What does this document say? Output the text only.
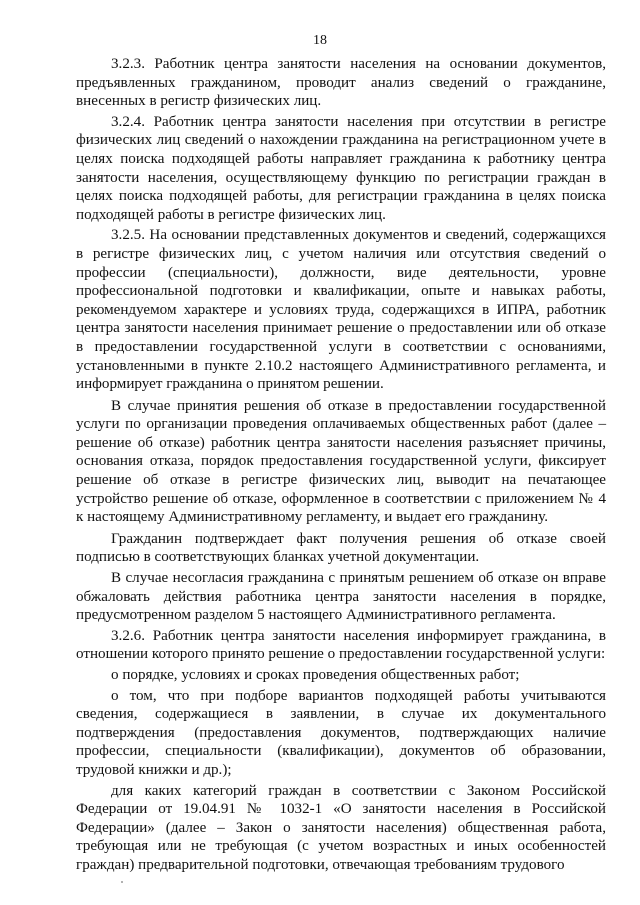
18

3.2.3. Работник центра занятости населения на основании документов, предъявленных гражданином, проводит анализ сведений о гражданине, внесенных в регистр физических лиц.

3.2.4. Работник центра занятости населения при отсутствии в регистре физических лиц сведений о нахождении гражданина на регистрационном учете в целях поиска подходящей работы направляет гражданина к работнику центра занятости населения, осуществляющему функцию по регистрации граждан в целях поиска подходящей работы, для регистрации гражданина в целях поиска подходящей работы в регистре физических лиц.

3.2.5. На основании представленных документов и сведений, содержащихся в регистре физических лиц, с учетом наличия или отсутствия сведений о профессии (специальности), должности, виде деятельности, уровне профессиональной подготовки и квалификации, опыте и навыках работы, рекомендуемом характере и условиях труда, содержащихся в ИПРА, работник центра занятости населения принимает решение о предоставлении или об отказе в предоставлении государственной услуги в соответствии с основаниями, установленными в пункте 2.10.2 настоящего Административного регламента, и информирует гражданина о принятом решении.

В случае принятия решения об отказе в предоставлении государственной услуги по организации проведения оплачиваемых общественных работ (далее – решение об отказе) работник центра занятости населения разъясняет причины, основания отказа, порядок предоставления государственной услуги, фиксирует решение об отказе в регистре физических лиц, выводит на печатающее устройство решение об отказе, оформленное в соответствии с приложением № 4 к настоящему Административному регламенту, и выдает его гражданину.

Гражданин подтверждает факт получения решения об отказе своей подписью в соответствующих бланках учетной документации.

В случае несогласия гражданина с принятым решением об отказе он вправе обжаловать действия работника центра занятости населения в порядке, предусмотренном разделом 5 настоящего Административного регламента.

3.2.6. Работник центра занятости населения информирует гражданина, в отношении которого принято решение о предоставлении государственной услуги:

о порядке, условиях и сроках проведения общественных работ;

о том, что при подборе вариантов подходящей работы учитываются сведения, содержащиеся в заявлении, в случае их документального подтверждения (предоставления документов, подтверждающих наличие профессии, специальности (квалификации), документов об образовании, трудовой книжки и др.);

для каких категорий граждан в соответствии с Законом Российской Федерации от 19.04.91 № 1032-1 «О занятости населения в Российской Федерации» (далее – Закон о занятости населения) общественная работа, требующая или не требующая (с учетом возрастных и иных особенностей граждан) предварительной подготовки, отвечающая требованиям трудового
